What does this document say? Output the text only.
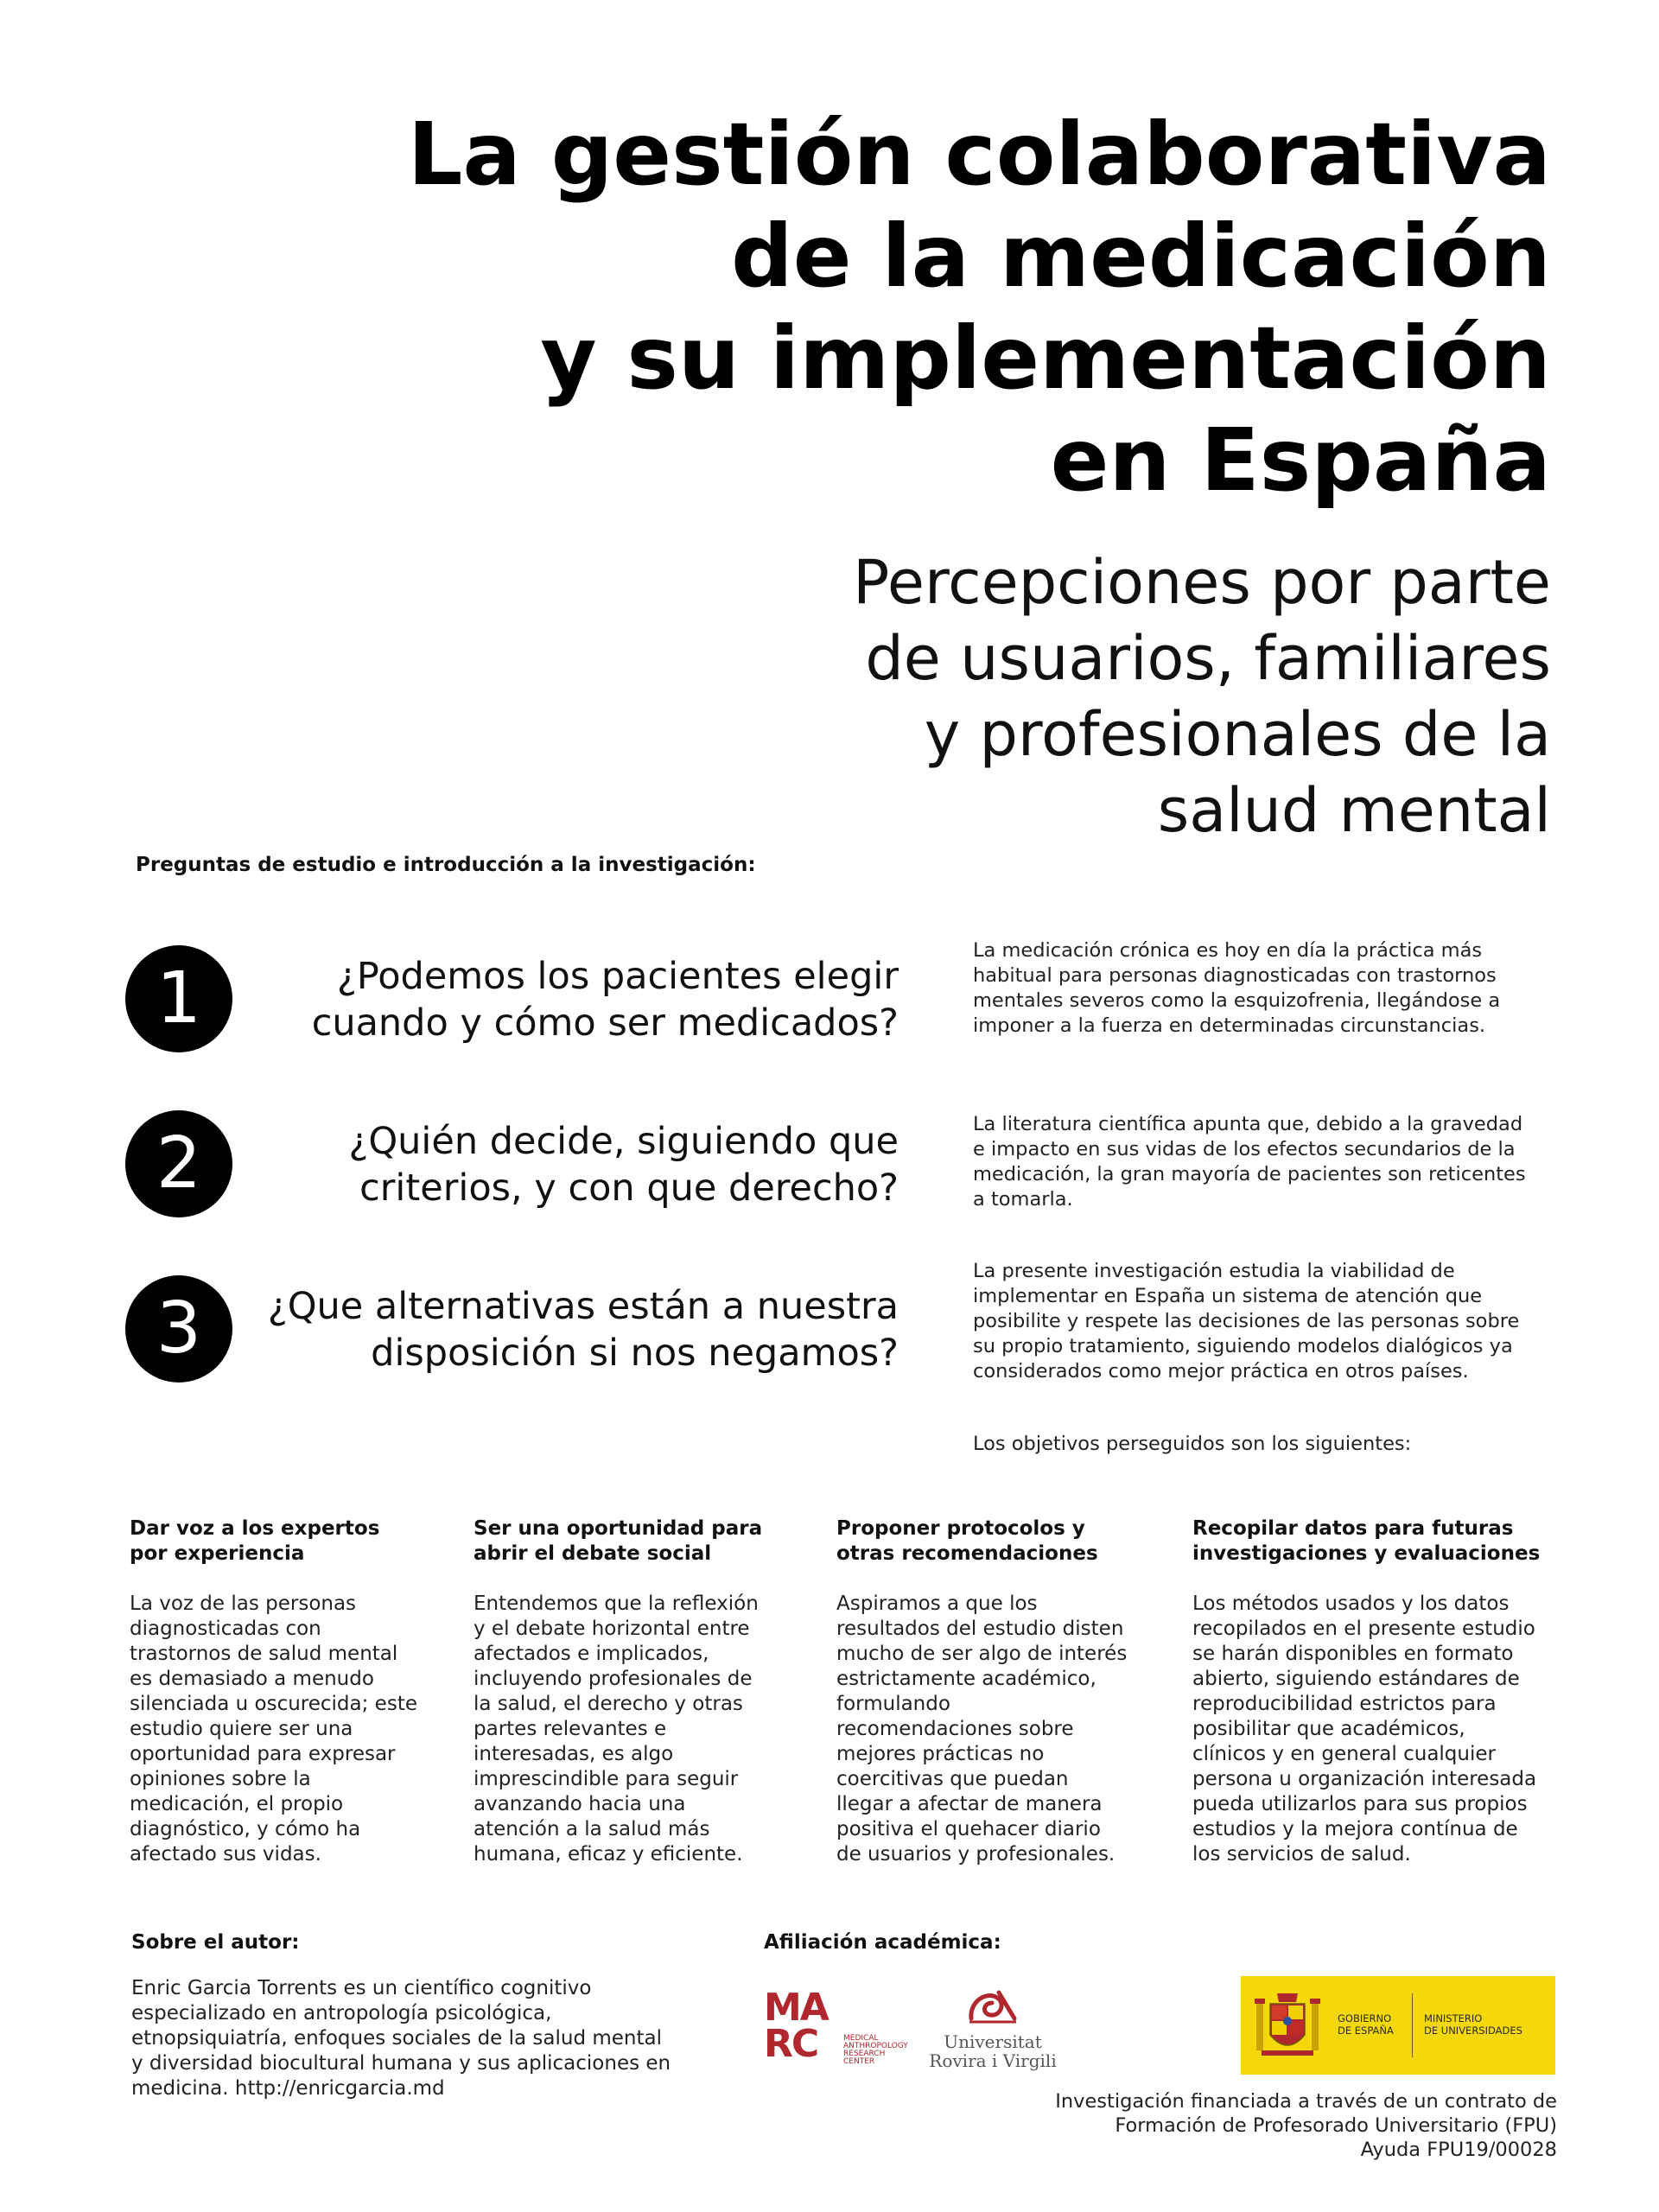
La gestión colaborativa
de la medicación
y su implementación
en España
Percepciones por parte
de usuarios, familiares
y profesionales de la
salud mental
Preguntas de estudio e introducción a la investigación:
1	¿Podemos los pacientes elegir
cuando y cómo ser medicados?
2	¿Quién decide, siguiendo que
criterios, y con que derecho?
3	¿Que alternativas están a nuestra
disposición si nos negamos?
La medicación crónica es hoy en día la práctica más
habitual para personas diagnosticadas con trastornos
mentales severos como la esquizofrenia, llegándose a
imponer a la fuerza en determinadas circunstancias.
La literatura científica apunta que, debido a la gravedad
e impacto en sus vidas de los efectos secundarios de la
medicación, la gran mayoría de pacientes son reticentes
a tomarla.
La presente investigación estudia la viabilidad de
implementar en España un sistema de atención que
posibilite y respete las decisiones de las personas sobre
su propio tratamiento, siguiendo modelos dialógicos ya
considerados como mejor práctica en otros países.
Los objetivos perseguidos son los siguientes:
Dar voz a los expertos
por experiencia
La voz de las personas
diagnosticadas con
trastornos de salud mental
es demasiado a menudo
silenciada u oscurecida; este
estudio quiere ser una
oportunidad para expresar
opiniones sobre la
medicación, el propio
diagnóstico, y cómo ha
afectado sus vidas.
Ser una oportunidad para
abrir el debate social
Entendemos que la reflexión
y el debate horizontal entre
afectados e implicados,
incluyendo profesionales de
la salud, el derecho y otras
partes relevantes e
interesadas, es algo
imprescindible para seguir
avanzando hacia una
atención a la salud más
humana, eficaz y eficiente.
Proponer protocolos y
otras recomendaciones
Aspiramos a que los
resultados del estudio disten
mucho de ser algo de interés
estrictamente académico,
formulando
recomendaciones sobre
mejores prácticas no
coercitivas que puedan
llegar a afectar de manera
positiva el quehacer diario
de usuarios y profesionales.
Recopilar datos para futuras
investigaciones y evaluaciones
Los métodos usados y los datos
recopilados en el presente estudio
se harán disponibles en formato
abierto, siguiendo estándares de
reproducibilidad estrictos para
posibilitar que académicos,
clínicos y en general cualquier
persona u organización interesada
pueda utilizarlos para sus propios
estudios y la mejora contínua de
los servicios de salud.
Sobre el autor:
Enric Garcia Torrents es un científico cognitivo
especializado en antropología psicológica,
etnopsiquiatría, enfoques sociales de la salud mental
y diversidad biocultural humana y sus aplicaciones en
medicina. http://enricgarcia.md
Afiliación académica:
MA
RC	MEDICAL
ANTHROPOLOGY
RESEARCH
CENTER
Universitat
Rovira i Virgili
GOBIERNO
DE ESPAÑA
MINISTERIO
DE UNIVERSIDADES
Investigación financiada a través de un contrato de
Formación de Profesorado Universitario (FPU)
Ayuda FPU19/00028
